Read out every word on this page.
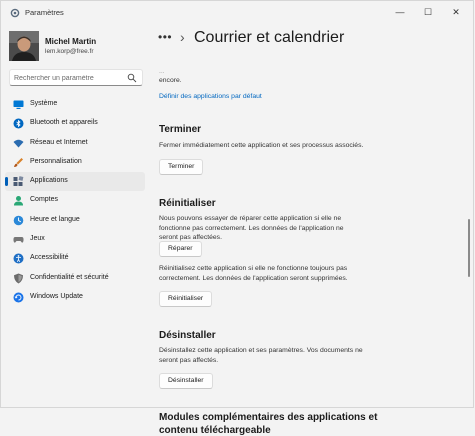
Paramètres	—	☐	✕
Michel Martin
lem.korp@free.fr
Rechercher un paramètre
Système
Bluetooth et appareils
Réseau et Internet
Personnalisation
Applications
Comptes
Heure et langue
Jeux
Accessibilité
Confidentialité et sécurité
Windows Update
••• › Courrier et calendrier
...
encore.
Définir des applications par défaut
Terminer
Fermer immédiatement cette application et ses processus associés.
Terminer
Réinitialiser
Nous pouvons essayer de réparer cette application si elle ne fonctionne pas correctement. Les données de l'application ne seront pas affectées.
Réparer
Réinitialisez cette application si elle ne fonctionne toujours pas correctement. Les données de l'application seront supprimées.
Réinitialiser
Désinstaller
Désinstallez cette application et ses paramètres. Vos documents ne seront pas affectés.
Désinstaller
Modules complémentaires des applications et
contenu téléchargeable
